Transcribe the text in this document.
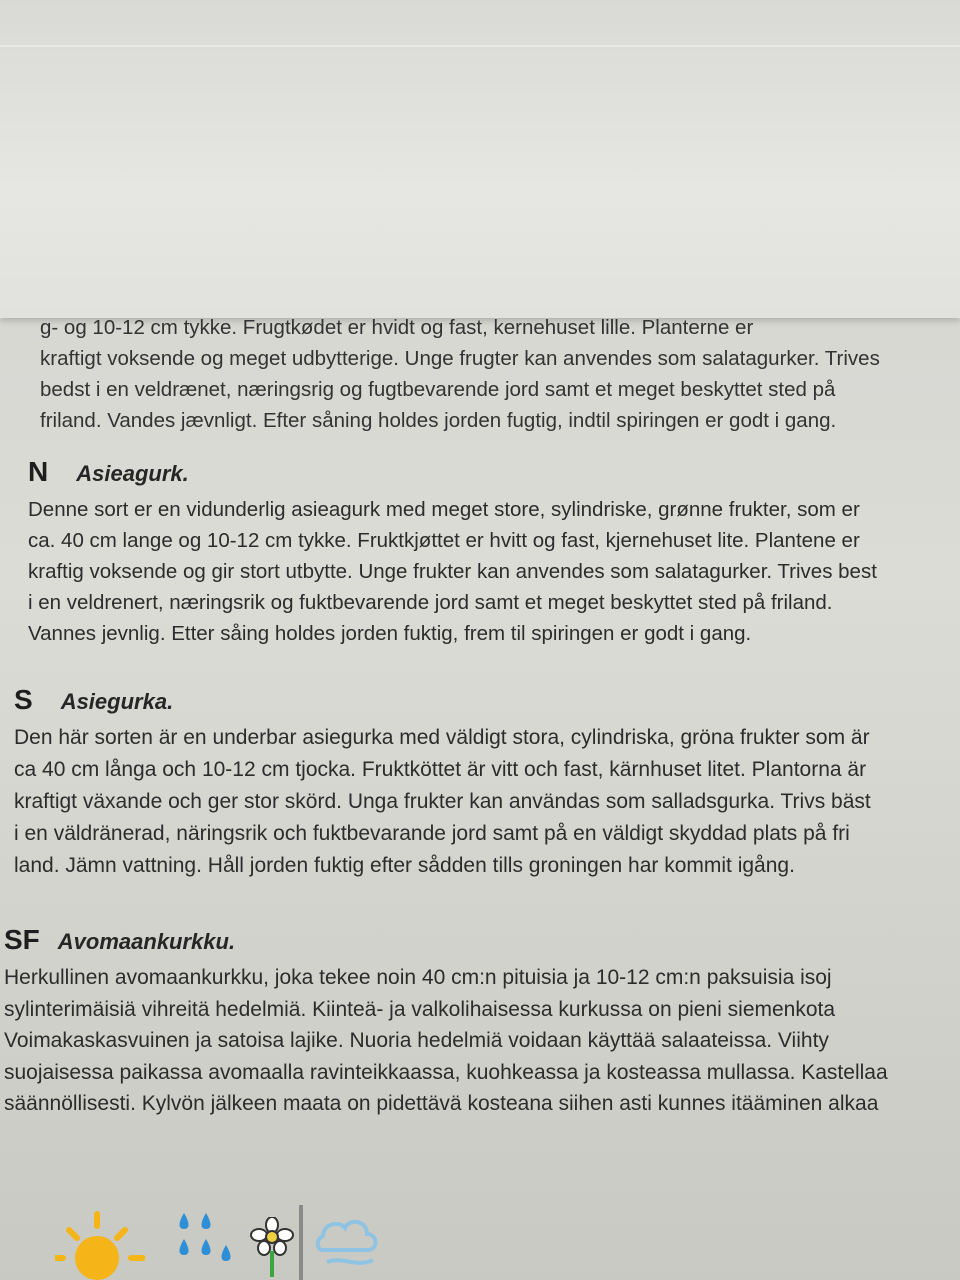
g- og 10-12 cm tykke. Frugtkødet er hvidt og fast, kernehuset lille. Planterne er
kraftigt voksende og meget udbytterige. Unge frugter kan anvendes som salatagurker. Trives
bedst i en veldrænet, næringsrig og fugtbevarende jord samt et meget beskyttet sted på
friland. Vandes jævnligt. Efter såning holdes jorden fugtig, indtil spiringen er godt i gang.

N Asieagurk.

Denne sort er en vidunderlig asieagurk med meget store, sylindriske, grønne frukter, som er
ca. 40 cm lange og 10-12 cm tykke. Fruktkjøttet er hvitt og fast, kjernehuset lite. Plantene er
kraftig voksende og gir stort utbytte. Unge frukter kan anvendes som salatagurker. Trives best
i en veldrenert, næringsrik og fuktbevarende jord samt et meget beskyttet sted på friland.
Vannes jevnlig. Etter såing holdes jorden fuktig, frem til spiringen er godt i gang.

S Asiegurka.

Den här sorten är en underbar asiegurka med väldigt stora, cylindriska, gröna frukter som är
ca 40 cm långa och 10-12 cm tjocka. Fruktköttet är vitt och fast, kärnhuset litet. Plantorna är
kraftigt växande och ger stor skörd. Unga frukter kan användas som salladsgurka. Trivs bäst
i en väldränerad, näringsrik och fuktbevarande jord samt på en väldigt skyddad plats på fri
land. Jämn vattning. Håll jorden fuktig efter sådden tills groningen har kommit igång.

SF Avomaankurkku.

Herkullinen avomaankurkku, joka tekee noin 40 cm:n pituisia ja 10-12 cm:n paksuisia isoj
sylinterimäisiä vihreitä hedelmiä. Kiinteä- ja valkolihaisessa kurkussa on pieni siemenkota
Voimakaskasvuinen ja satoisa lajike. Nuoria hedelmiä voidaan käyttää salaateissa. Viihty
suojaisessa paikassa avomaalla ravinteikkaassa, kuohkeassa ja kosteassa mullassa. Kastellaa
säännöllisesti. Kylvön jälkeen maata on pidettävä kosteana siihen asti kunnes itääminen alkaa
